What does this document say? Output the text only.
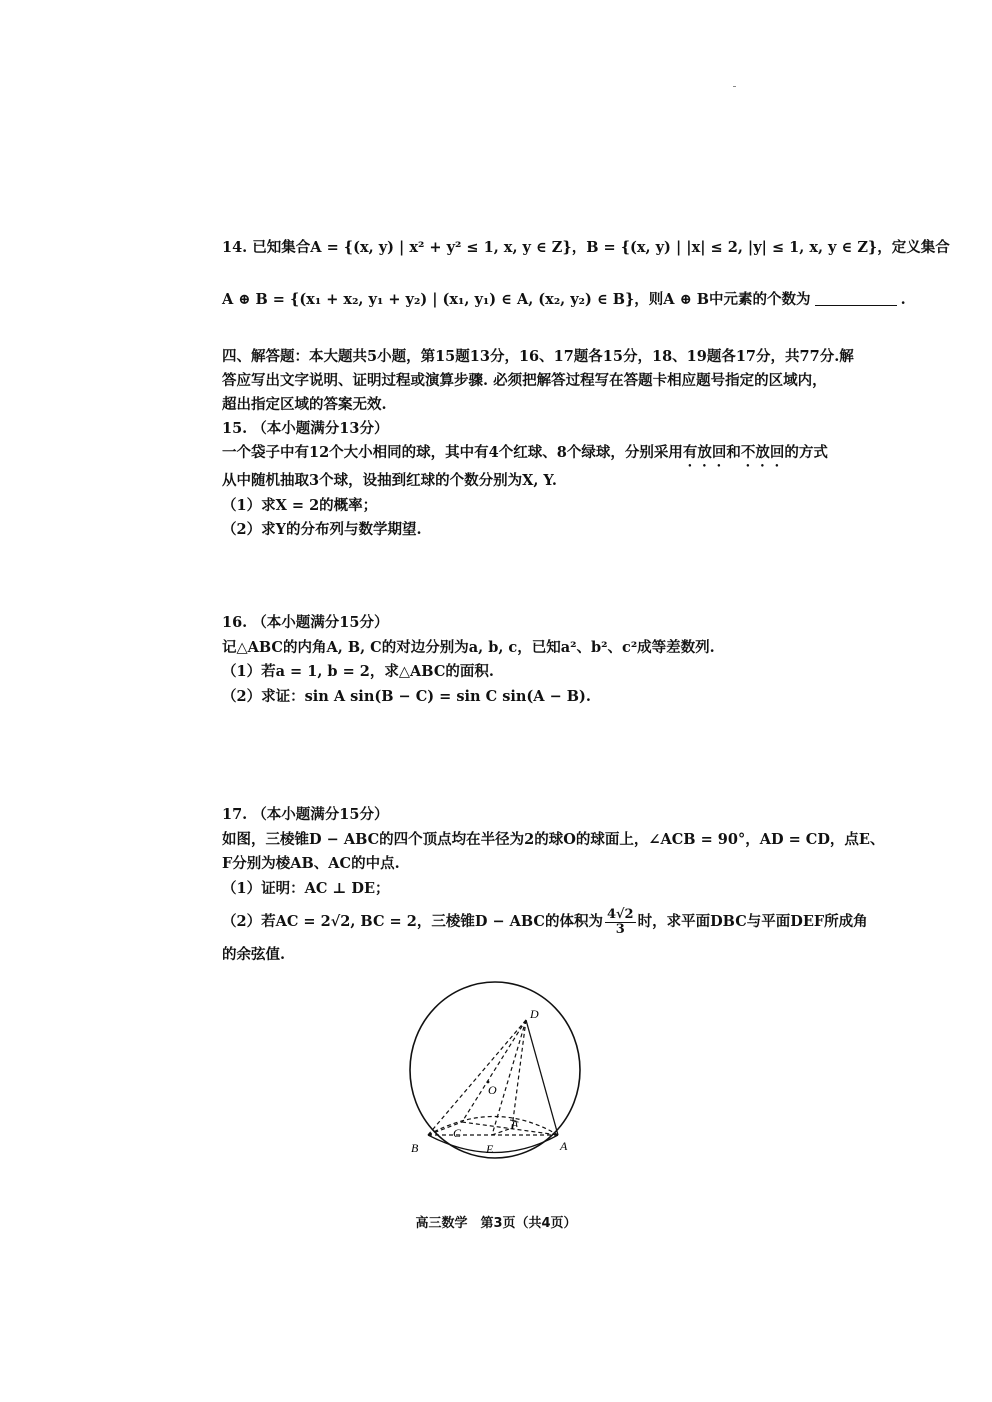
14. 已知集合A = {(x, y) | x² + y² ≤ 1, x, y ∈ Z}，B = {(x, y) | |x| ≤ 2, |y| ≤ 1, x, y ∈ Z}，定义集合
A ⊕ B = {(x₁ + x₂, y₁ + y₂) | (x₁, y₁) ∈ A, (x₂, y₂) ∈ B}，则A ⊕ B中元素的个数为	.
四、解答题：本大题共5小题，第15题13分，16、17题各15分，18、19题各17分，共77分.解
答应写出文字说明、证明过程或演算步骤. 必须把解答过程写在答题卡相应题号指定的区域内，
超出指定区域的答案无效.
15. （本小题满分13分）
一个袋子中有12个大小相同的球，其中有4个红球、8个绿球，分别采用有放回和不放回的方式
从中随机抽取3个球，设抽到红球的个数分别为X, Y.
（1）求X = 2的概率；
（2）求Y的分布列与数学期望.
16. （本小题满分15分）
记△ABC的内角A, B, C的对边分别为a, b, c，已知a²、b²、c²成等差数列.
（1）若a = 1, b = 2，求△ABC的面积.
（2）求证：sin A sin(B − C) = sin C sin(A − B).
17. （本小题满分15分）
如图，三棱锥D − ABC的四个顶点均在半径为2的球O的球面上，∠ACB = 90°，AD = CD，点E、
F分别为棱AB、AC的中点.
（1）证明：AC ⊥ DE；
（2）若AC = 2√2, BC = 2，三棱锥D − ABC的体积为 $\frac{4√2}{3}$ 时，求平面DBC与平面DEF所成角
的余弦值.
D
O
C
F
B	E	A
高三数学　第3页（共4页）
